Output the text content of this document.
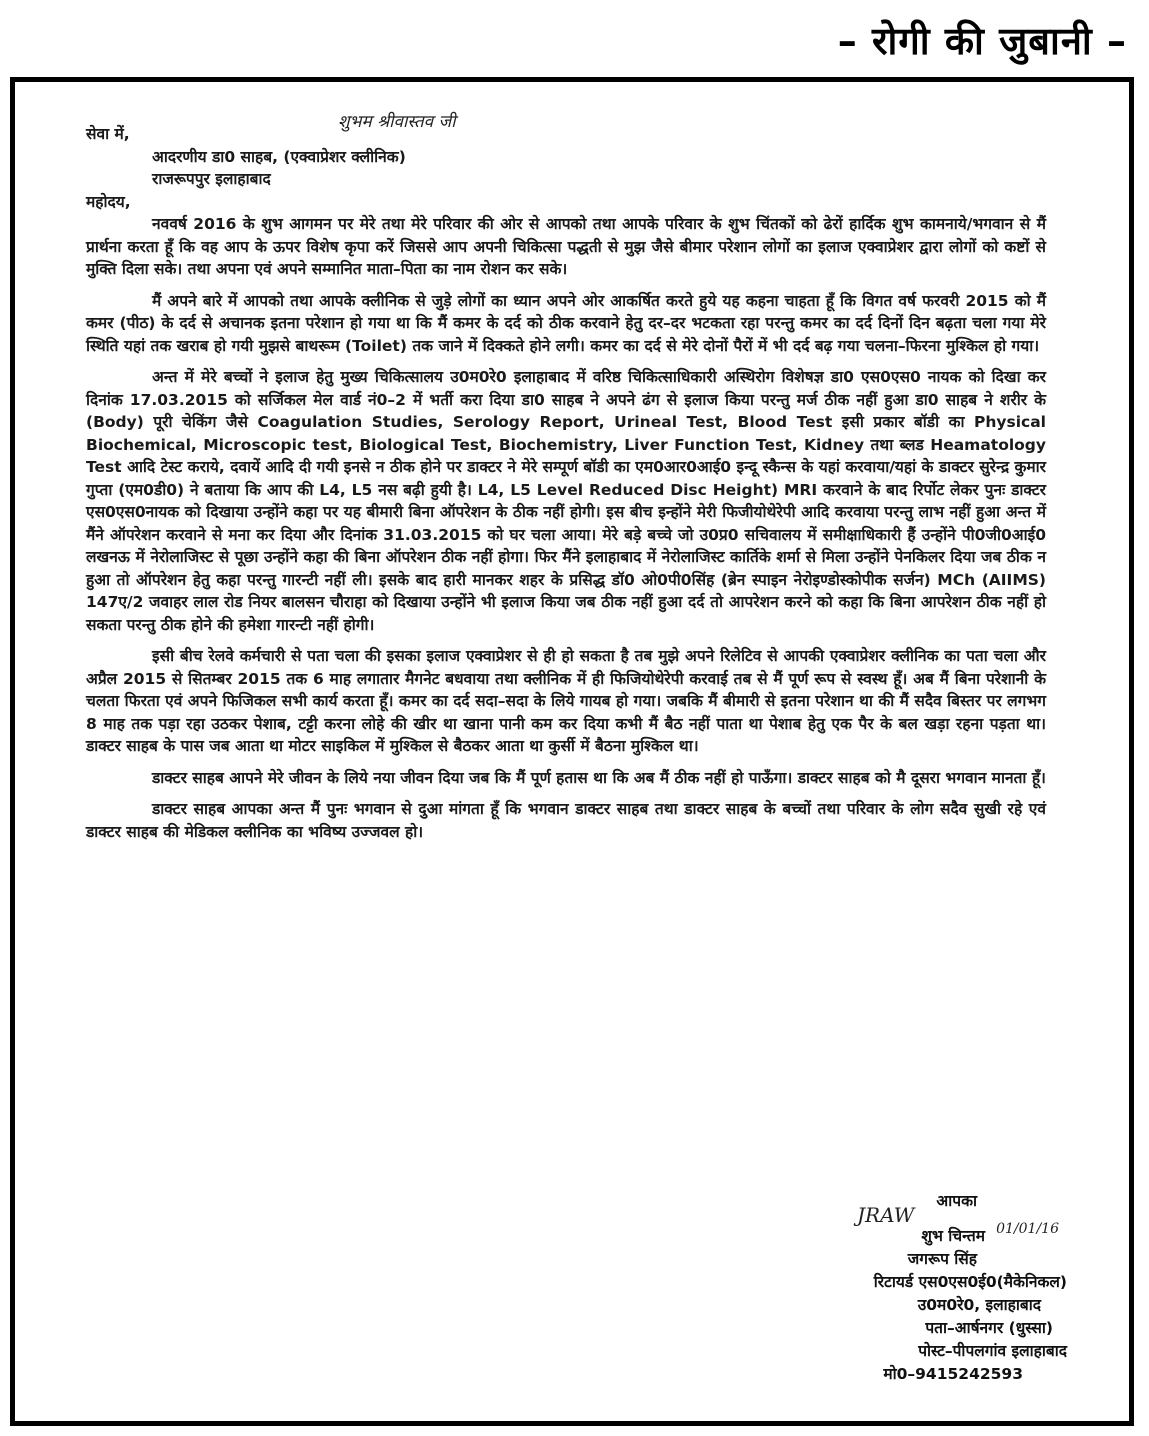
– रोगी की जुबानी –
सेवा में,
आदरणीय डा0 साहब, (एक्वाप्रेशर क्लीनिक)
शुभम श्रीवास्तव जी
राजरूपपुर इलाहाबाद
महोदय,

नववर्ष 2016 के शुभ आगमन पर मेरे तथा मेरे परिवार की ओर से आपको तथा आपके परिवार के शुभ चिंतकों को ढेरों हार्दिक शुभ कामनाये/भगवान से मैं प्रार्थना करता हूँ कि वह आप के ऊपर विशेष कृपा करें जिससे आप अपनी चिकित्सा पद्धती से मुझ जैसे बीमार परेशान लोगों का इलाज एक्वाप्रेशर द्वारा लोगों को कष्टों से मुक्ति दिला सके। तथा अपना एवं अपने सम्मानित माता–पिता का नाम रोशन कर सके।

मैं अपने बारे में आपको तथा आपके क्लीनिक से जुड़े लोगों का ध्यान अपने ओर आकर्षित करते हुये यह कहना चाहता हूँ कि विगत वर्ष फरवरी 2015 को मैं कमर (पीठ) के दर्द से अचानक इतना परेशान हो गया था कि मैं कमर के दर्द को ठीक करवाने हेतु दर–दर भटकता रहा परन्तु कमर का दर्द दिनों दिन बढ़ता चला गया मेरे स्थिति यहां तक खराब हो गयी मुझसे बाथरूम (Toilet) तक जाने में दिक्कते होने लगी। कमर का दर्द से मेरे दोनों पैरों में भी दर्द बढ़ गया चलना–फिरना मुश्किल हो गया।

अन्त में मेरे बच्चों ने इलाज हेतु मुख्य चिकित्सालय उ0म0रे0 इलाहाबाद में वरिष्ठ चिकित्साधिकारी अस्थिरोग विशेषज्ञ डा0 एस0एस0 नायक को दिखा कर दिनांक 17.03.2015 को सर्जिकल मेल वार्ड नं0–2 में भर्ती करा दिया डा0 साहब ने अपने ढंग से इलाज किया परन्तु मर्ज ठीक नहीं हुआ डा0 साहब ने शरीर के (Body) पूरी चेकिंग जैसे Coagulation Studies, Serology Report, Urineal Test, Blood Test इसी प्रकार बॉडी का Physical Biochemical, Microscopic test, Biological Test, Biochemistry, Liver Function Test, Kidney तथा ब्लड Heamatology Test आदि टेस्ट कराये, दवायें आदि दी गयी इनसे न ठीक होने पर डाक्टर ने मेरे सम्पूर्ण बॉडी का एम0आर0आई0 इन्दू स्कैन्स के यहां करवाया/यहां के डाक्टर सुरेन्द्र कुमार गुप्ता (एम0डी0) ने बताया कि आप की L4, L5 नस बढ़ी हुयी है। L4, L5 Level Reduced Disc Height) MRI करवाने के बाद रिर्पोट लेकर पुनः डाक्टर एस0एस0नायक को दिखाया उन्होंने कहा पर यह बीमारी बिना ऑपरेशन के ठीक नहीं होगी। इस बीच इन्होंने मेरी फिजीयोथेरेपी आदि करवाया परन्तु लाभ नहीं हुआ अन्त में मैंने ऑपरेशन करवाने से मना कर दिया और दिनांक 31.03.2015 को घर चला आया। मेरे बड़े बच्चे जो उ0प्र0 सचिवालय में समीक्षाधिकारी हैं उन्होंने पी0जी0आई0 लखनऊ में नेरोलाजिस्ट से पूछा उन्होंने कहा की बिना ऑपरेशन ठीक नहीं होगा। फिर मैंने इलाहाबाद में नेरोलाजिस्ट कार्तिके शर्मा से मिला उन्होंने पेनकिलर दिया जब ठीक न हुआ तो ऑपरेशन हेतु कहा परन्तु गारन्टी नहीं ली। इसके बाद हारी मानकर शहर के प्रसिद्ध डॉ0 ओ0पी0सिंह (ब्रेन स्पाइन नेरोइण्डोस्कोपीक सर्जन) MCh (AIIMS) 147ए/2 जवाहर लाल रोड नियर बालसन चौराहा को दिखाया उन्होंने भी इलाज किया जब ठीक नहीं हुआ दर्द तो आपरेशन करने को कहा कि बिना आपरेशन ठीक नहीं हो सकता परन्तु ठीक होने की हमेशा गारन्टी नहीं होगी।

इसी बीच रेलवे कर्मचारी से पता चला की इसका इलाज एक्वाप्रेशर से ही हो सकता है तब मुझे अपने रिलेटिव से आपकी एक्वाप्रेशर क्लीनिक का पता चला और अप्रैल 2015 से सितम्बर 2015 तक 6 माह लगातार मैगनेट बधवाया तथा क्लीनिक में ही फिजियोथेरेपी करवाई तब से मैं पूर्ण रूप से स्वस्थ हूँ। अब मैं बिना परेशानी के चलता फिरता एवं अपने फिजिकल सभी कार्य करता हूँ। कमर का दर्द सदा–सदा के लिये गायब हो गया। जबकि मैं बीमारी से इतना परेशान था की मैं सदैव बिस्तर पर लगभग 8 माह तक पड़ा रहा उठकर पेशाब, टट्टी करना लोहे की खीर था खाना पानी कम कर दिया कभी मैं बैठ नहीं पाता था पेशाब हेतु एक पैर के बल खड़ा रहना पड़ता था। डाक्टर साहब के पास जब आता था मोटर साइकिल में मुश्किल से बैठकर आता था कुर्सी में बैठना मुश्किल था।

डाक्टर साहब आपने मेरे जीवन के लिये नया जीवन दिया जब कि मैं पूर्ण हतास था कि अब मैं ठीक नहीं हो पाऊँगा। डाक्टर साहब को मै दूसरा भगवान मानता हूँ।

डाक्टर साहब आपका अन्त मैं पुनः भगवान से दुआ मांगता हूँ कि भगवान डाक्टर साहब तथा डाक्टर साहब के बच्चों तथा परिवार के लोग सदैव सुखी रहे एवं डाक्टर साहब की मेडिकल क्लीनिक का भविष्य उज्जवल हो।

आपका
JRAW
01/01/16
शुभ चिन्तम
जगरूप सिंह
रिटायर्ड एस0एस0ई0(मैकेनिकल)
उ0म0रे0, इलाहाबाद
पता–आर्षनगर (धुस्सा)
पोस्ट–पीपलगांव इलाहाबाद
मो0–9415242593
